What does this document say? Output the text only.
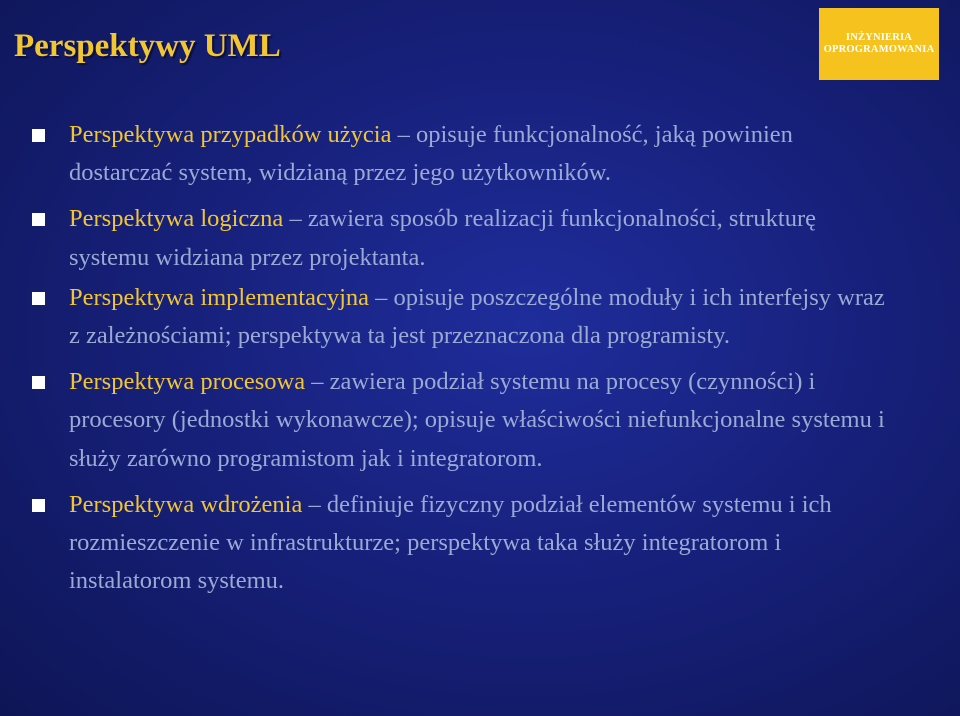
Perspektywy UML	INŻYNIERIA
OPROGRAMOWANIA
Perspektywa przypadków użycia – opisuje funkcjonalność, jaką powinien dostarczać system, widzianą przez jego użytkowników.
Perspektywa logiczna – zawiera sposób realizacji funkcjonalności, strukturę systemu widziana przez projektanta.
Perspektywa implementacyjna – opisuje poszczególne moduły i ich interfejsy wraz z zależnościami; perspektywa ta jest przeznaczona dla programisty.
Perspektywa procesowa – zawiera podział systemu na procesy (czynności) i procesory (jednostki wykonawcze); opisuje właściwości niefunkcjonalne systemu i służy zarówno programistom jak i integratorom.
Perspektywa wdrożenia – definiuje fizyczny podział elementów systemu i ich rozmieszczenie w infrastrukturze; perspektywa taka służy integratorom i instalatorom systemu.
